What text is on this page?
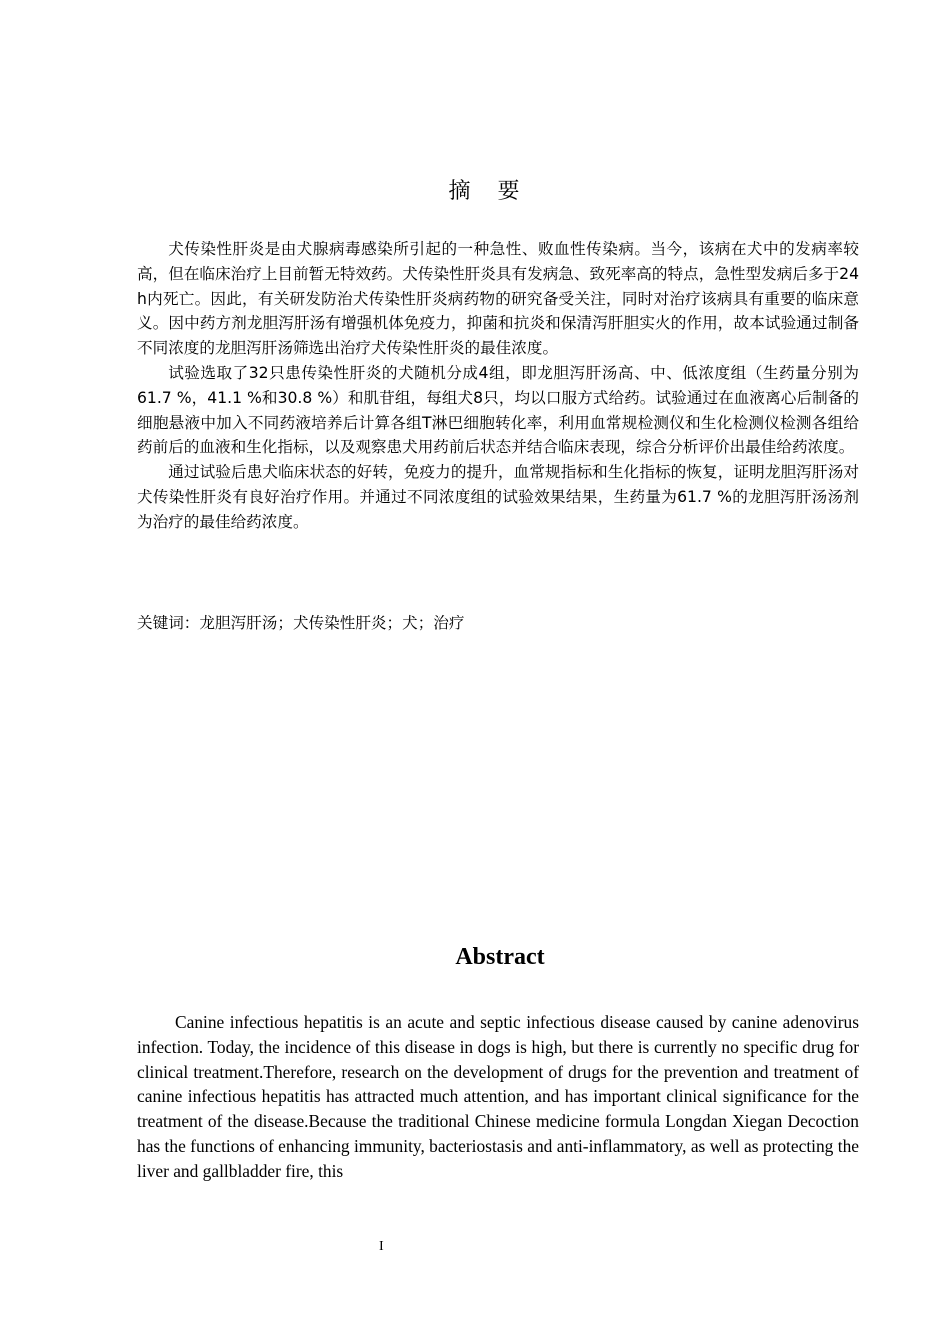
摘 要

犬传染性肝炎是由犬腺病毒感染所引起的一种急性、败血性传染病。当今，该病在犬中的发病率较高，但在临床治疗上目前暂无特效药。犬传染性肝炎具有发病急、致死率高的特点，急性型发病后多于24 h内死亡。因此，有关研发防治犬传染性肝炎病药物的研究备受关注，同时对治疗该病具有重要的临床意义。因中药方剂龙胆泻肝汤有增强机体免疫力，抑菌和抗炎和保清泻肝胆实火的作用，故本试验通过制备不同浓度的龙胆泻肝汤筛选出治疗犬传染性肝炎的最佳浓度。

试验选取了32只患传染性肝炎的犬随机分成4组，即龙胆泻肝汤高、中、低浓度组（生药量分别为61.7 %，41.1 %和30.8 %）和肌苷组，每组犬8只，均以口服方式给药。试验通过在血液离心后制备的细胞悬液中加入不同药液培养后计算各组T淋巴细胞转化率，利用血常规检测仪和生化检测仪检测各组给药前后的血液和生化指标，以及观察患犬用药前后状态并结合临床表现，综合分析评价出最佳给药浓度。

通过试验后患犬临床状态的好转，免疫力的提升，血常规指标和生化指标的恢复，证明龙胆泻肝汤对犬传染性肝炎有良好治疗作用。并通过不同浓度组的试验效果结果，生药量为61.7 %的龙胆泻肝汤汤剂为治疗的最佳给药浓度。

关键词：龙胆泻肝汤；犬传染性肝炎；犬；治疗
Abstract

Canine infectious hepatitis is an acute and septic infectious disease caused by canine adenovirus infection. Today, the incidence of this disease in dogs is high, but there is currently no specific drug for clinical treatment.Therefore, research on the development of drugs for the prevention and treatment of canine infectious hepatitis has attracted much attention, and has important clinical significance for the treatment of the disease.Because the traditional Chinese medicine formula Longdan Xiegan Decoction has the functions of enhancing immunity, bacteriostasis and anti-inflammatory, as well as protecting the liver and gallbladder fire, this

I
